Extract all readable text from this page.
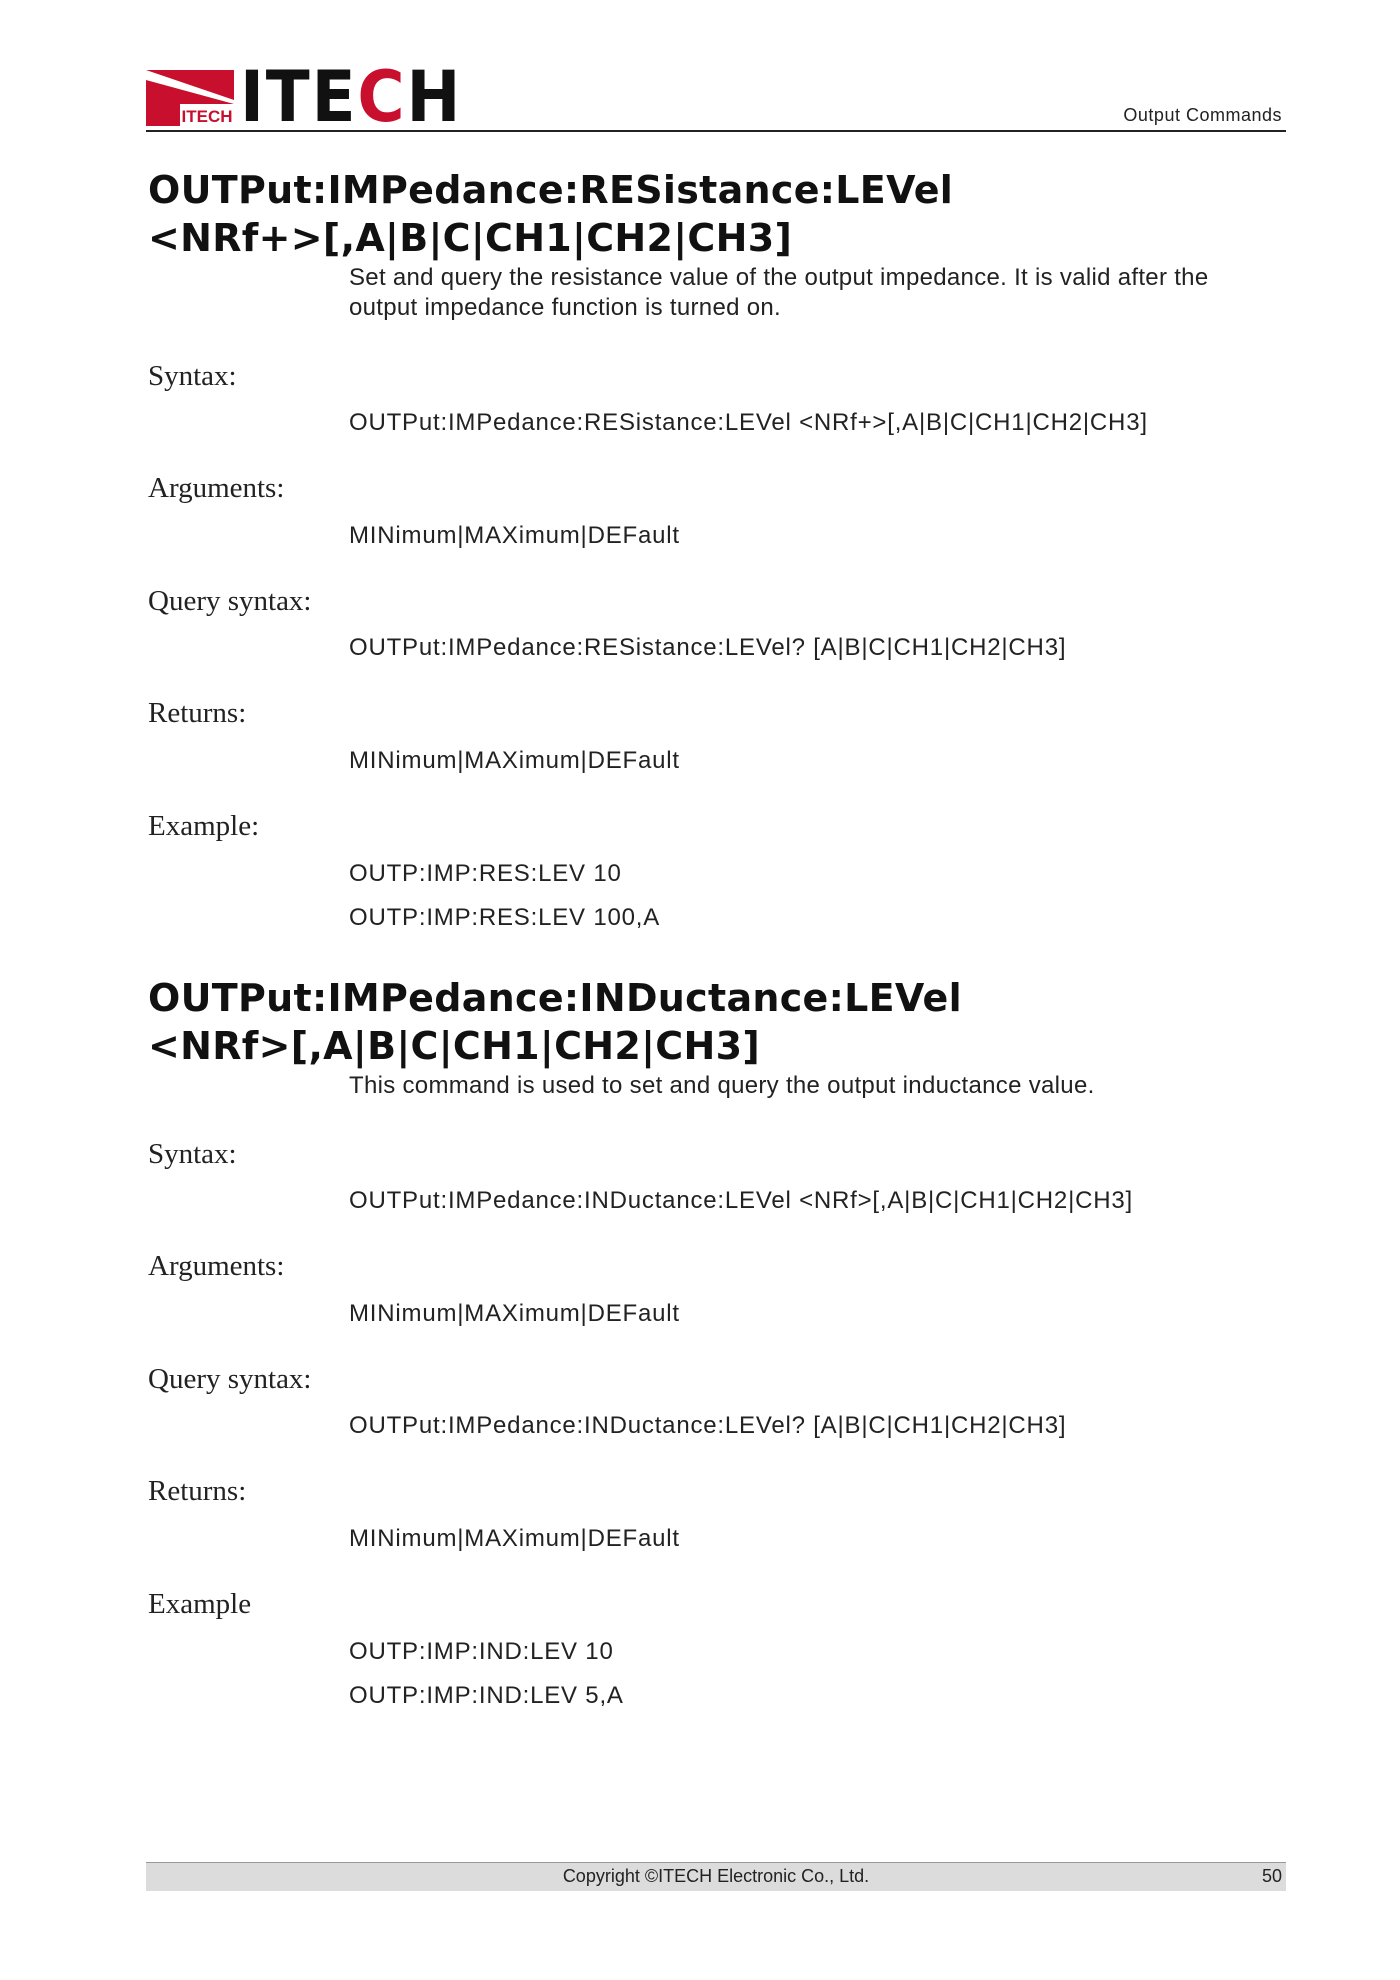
ITECH ITECH	Output Commands
OUTPut:IMPedance:RESistance:LEVel
<NRf+>[,A|B|C|CH1|CH2|CH3]

Set and query the resistance value of the output impedance. It is valid after the output impedance function is turned on.

Syntax:
OUTPut:IMPedance:RESistance:LEVel <NRf+>[,A|B|C|CH1|CH2|CH3]
Arguments:
MINimum|MAXimum|DEFault
Query syntax:
OUTPut:IMPedance:RESistance:LEVel? [A|B|C|CH1|CH2|CH3]
Returns:
MINimum|MAXimum|DEFault
Example:
OUTP:IMP:RES:LEV 10
OUTP:IMP:RES:LEV 100,A
OUTPut:IMPedance:INDuctance:LEVel
<NRf>[,A|B|C|CH1|CH2|CH3]

This command is used to set and query the output inductance value.

Syntax:
OUTPut:IMPedance:INDuctance:LEVel <NRf>[,A|B|C|CH1|CH2|CH3]
Arguments:
MINimum|MAXimum|DEFault
Query syntax:
OUTPut:IMPedance:INDuctance:LEVel? [A|B|C|CH1|CH2|CH3]
Returns:
MINimum|MAXimum|DEFault
Example
OUTP:IMP:IND:LEV 10
OUTP:IMP:IND:LEV 5,A
Copyright ©ITECH Electronic Co., Ltd.	50
